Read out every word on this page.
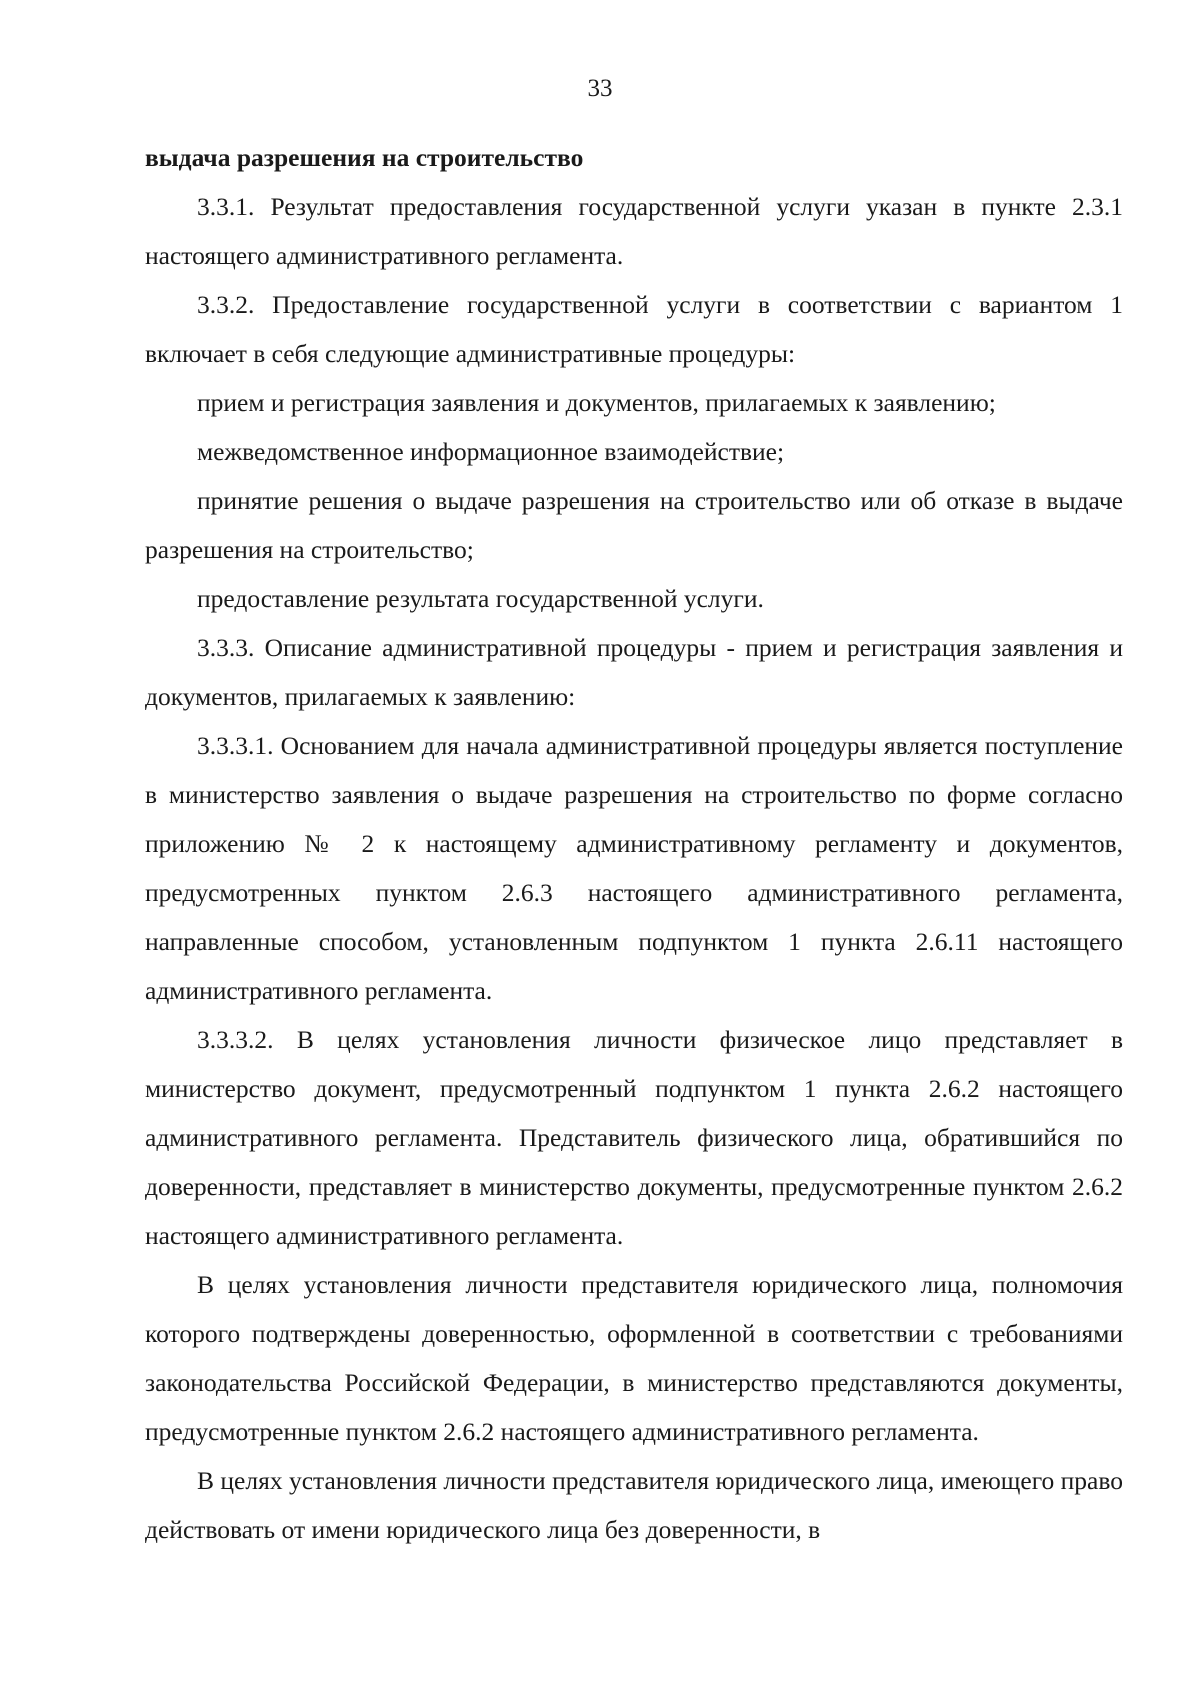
33

выдача разрешения на строительство

3.3.1. Результат предоставления государственной услуги указан в пункте 2.3.1 настоящего административного регламента.

3.3.2. Предоставление государственной услуги в соответствии с вариантом 1 включает в себя следующие административные процедуры:

прием и регистрация заявления и документов, прилагаемых к заявлению;

межведомственное информационное взаимодействие;

принятие решения о выдаче разрешения на строительство или об отказе в выдаче разрешения на строительство;

предоставление результата государственной услуги.

3.3.3. Описание административной процедуры - прием и регистрация заявления и документов, прилагаемых к заявлению:

3.3.3.1. Основанием для начала административной процедуры является поступление в министерство заявления о выдаче разрешения на строительство по форме согласно приложению № 2 к настоящему административному регламенту и документов, предусмотренных пунктом 2.6.3 настоящего административного регламента, направленные способом, установленным подпунктом 1 пункта 2.6.11 настоящего административного регламента.

3.3.3.2. В целях установления личности физическое лицо представляет в министерство документ, предусмотренный подпунктом 1 пункта 2.6.2 настоящего административного регламента. Представитель физического лица, обратившийся по доверенности, представляет в министерство документы, предусмотренные пунктом 2.6.2 настоящего административного регламента.

В целях установления личности представителя юридического лица, полномочия которого подтверждены доверенностью, оформленной в соответствии с требованиями законодательства Российской Федерации, в министерство представляются документы, предусмотренные пунктом 2.6.2 настоящего административного регламента.

В целях установления личности представителя юридического лица, имеющего право действовать от имени юридического лица без доверенности, в
